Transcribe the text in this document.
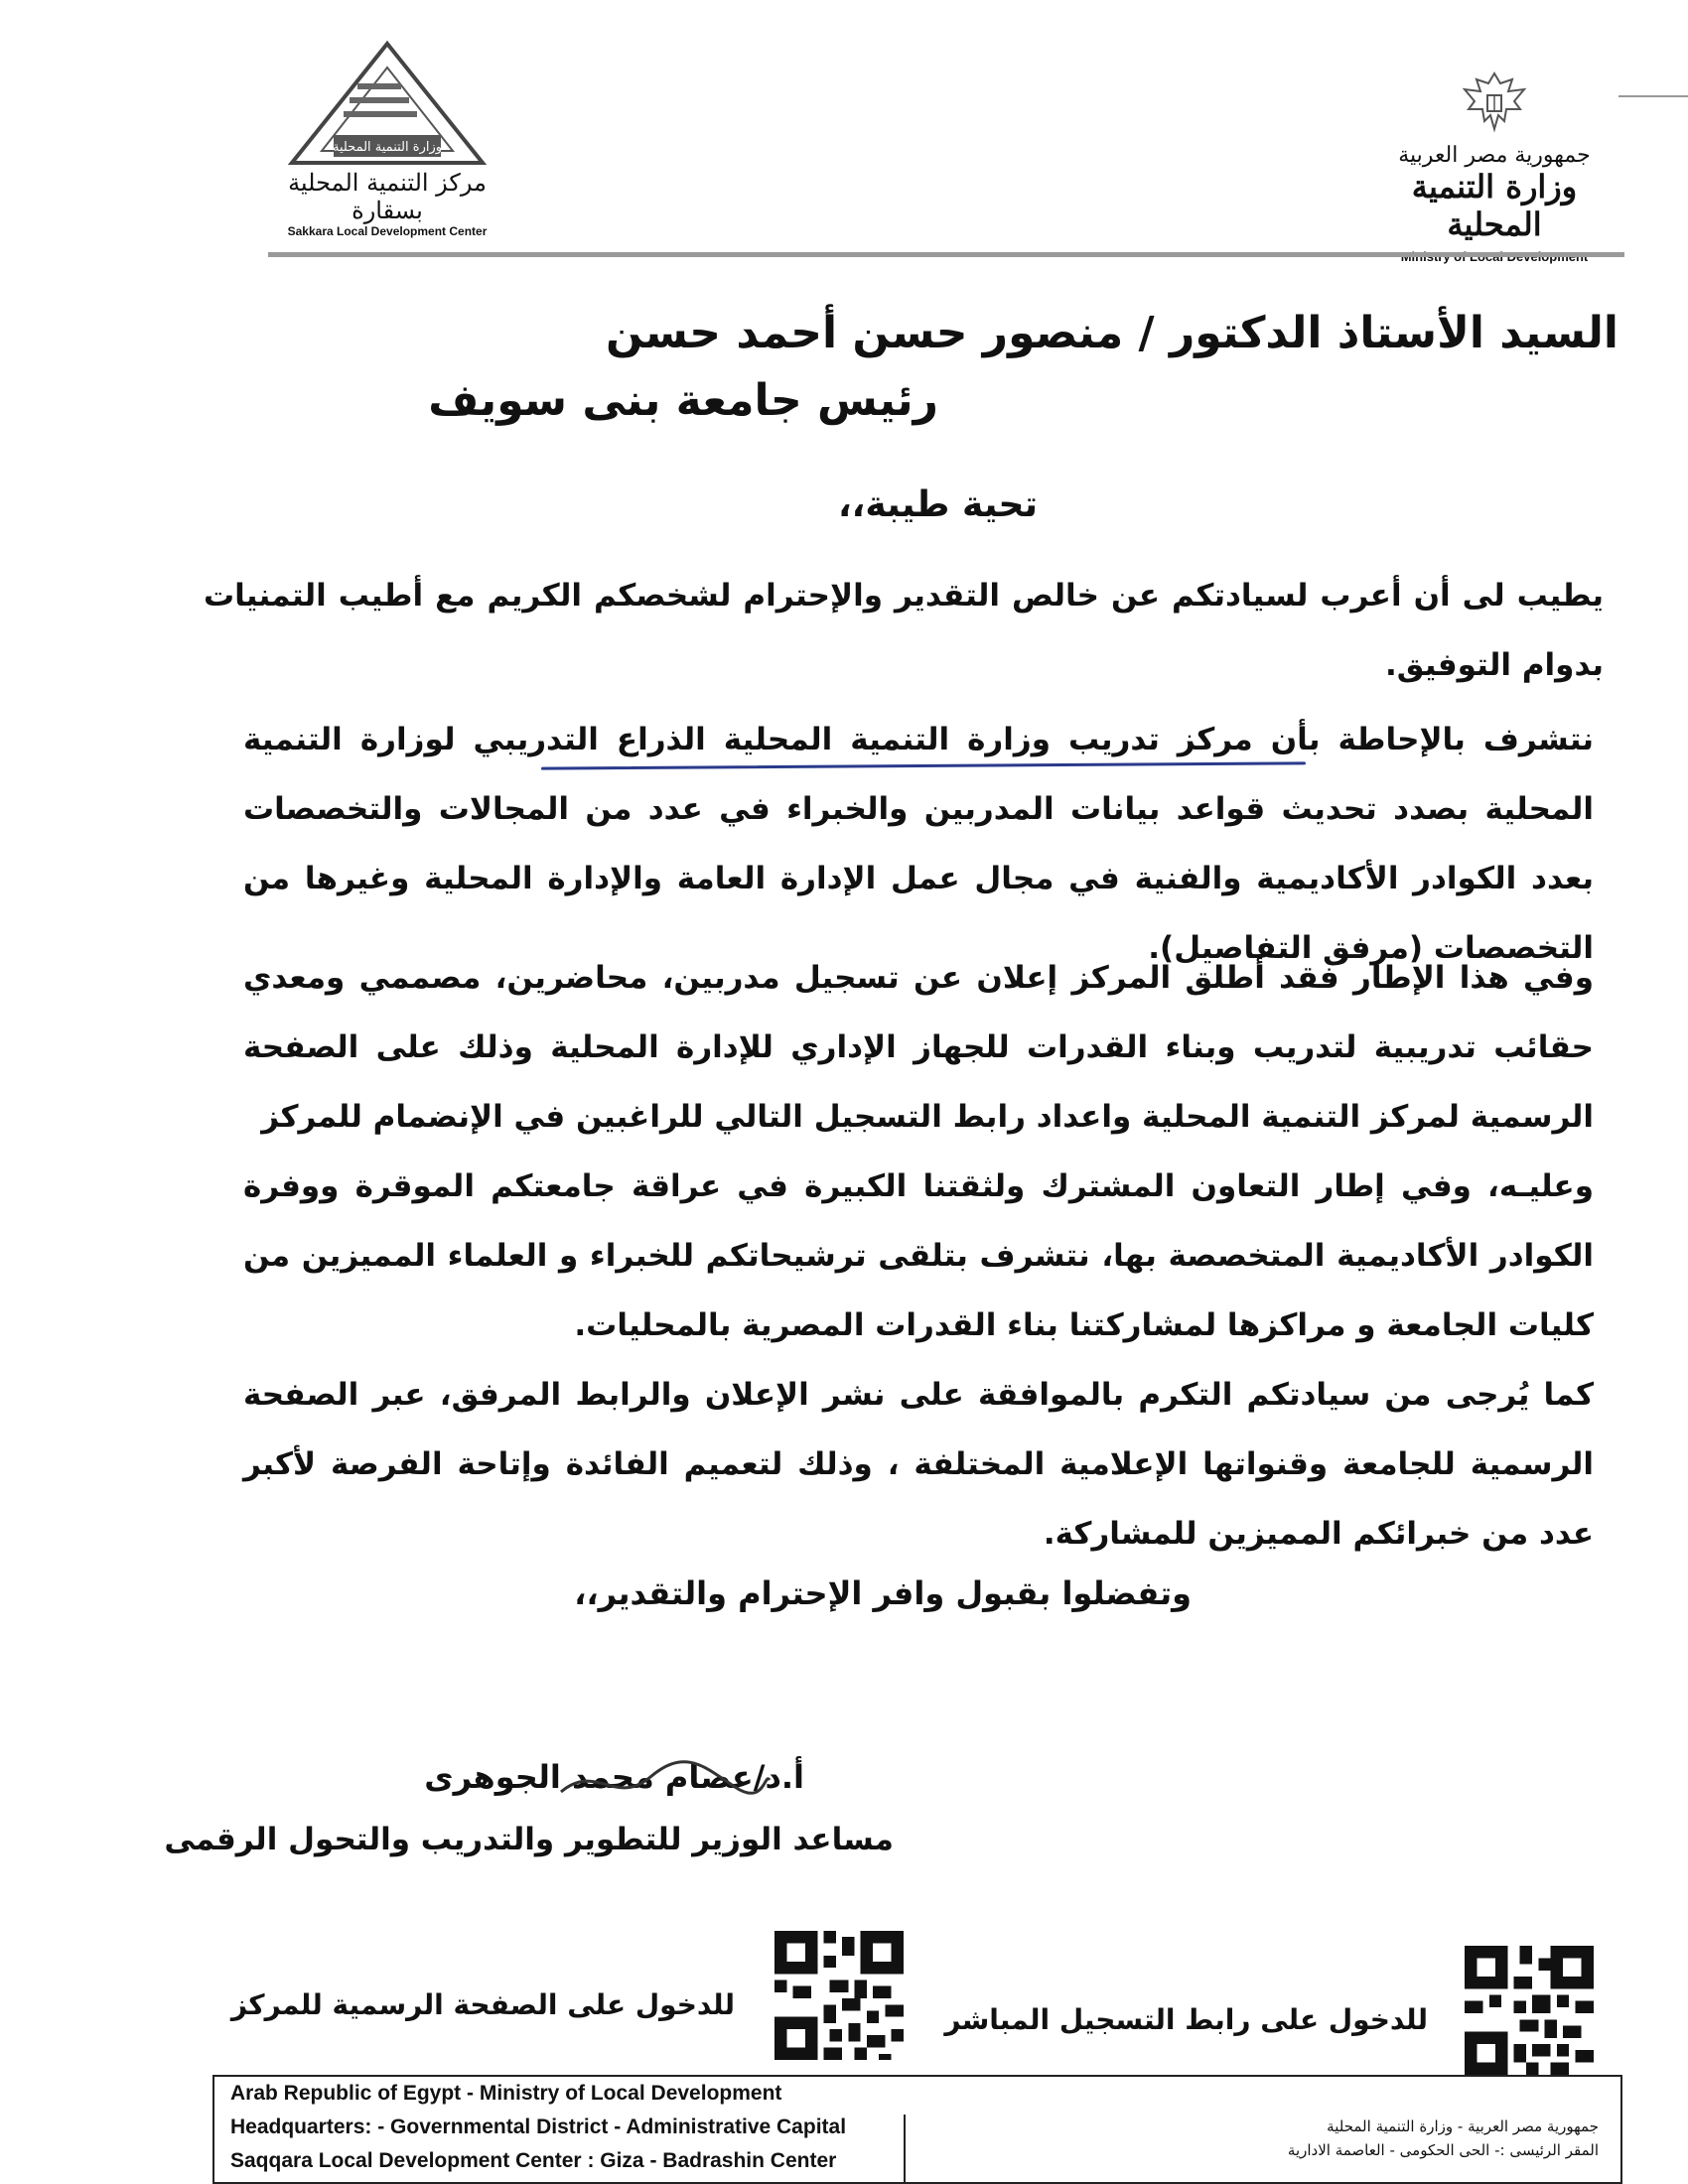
جمهورية مصر العربية
وزارة التنمية المحلية
وزارة التنمية المحلية
مركز التنمية المحلية بسقارة
Sakkara Local Development Center
السيد الأستاذ الدكتور / منصور حسن أحمد حسن
رئيس جامعة بنى سويف
تحية طيبة،،
يطيب لى أن أعرب لسيادتكم عن خالص التقدير والإحترام لشخصكم الكريم مع أطيب التمنيات بدوام التوفيق.
نتشرف بالإحاطة بأن مركز تدريب وزارة التنمية المحلية الذراع التدريبي لوزارة التنمية المحلية بصدد تحديث قواعد بيانات المدربين والخبراء في عدد من المجالات والتخصصات بعدد الكوادر الأكاديمية والفنية في مجال عمل الإدارة العامة والإدارة المحلية وغيرها من التخصصات (مرفق التفاصيل).
وفي هذا الإطار فقد أطلق المركز إعلان عن تسجيل مدربين، محاضرين، مصممي ومعدي حقائب تدريبية لتدريب وبناء القدرات للجهاز الإداري للإدارة المحلية وذلك على الصفحة الرسمية لمركز التنمية المحلية واعداد رابط التسجيل التالي للراغبين في الإنضمام للمركز
وعليـه، وفي إطار التعاون المشترك ولثقتنا الكبيرة في عراقة جامعتكم الموقرة ووفرة الكوادر الأكاديمية المتخصصة بها، نتشرف بتلقى ترشيحاتكم للخبراء و العلماء المميزين من كليات الجامعة و مراكزها لمشاركتنا بناء القدرات المصرية بالمحليات.
كما يُرجى من سيادتكم التكرم بالموافقة على نشر الإعلان والرابط المرفق، عبر الصفحة الرسمية للجامعة وقنواتها الإعلامية المختلفة ، وذلك لتعميم الفائدة وإتاحة الفرصة لأكبر عدد من خبرائكم المميزين للمشاركة.
وتفضلوا بقبول وافر الإحترام والتقدير،،
أ.د/عصام محمد الجوهرى
مساعد الوزير للتطوير والتدريب والتحول الرقمى
للدخول على الصفحة الرسمية للمركز	للدخول على رابط التسجيل المباشر
Arab Republic of Egypt - Ministry of Local Development
Headquarters: - Governmental District - Administrative Capital
Saqqara Local Development Center : Giza - Badrashin Center
جمهورية مصر العربية - وزارة التنمية المحلية
المقر الرئيسى :- الحى الحكومى - العاصمة الادارية
